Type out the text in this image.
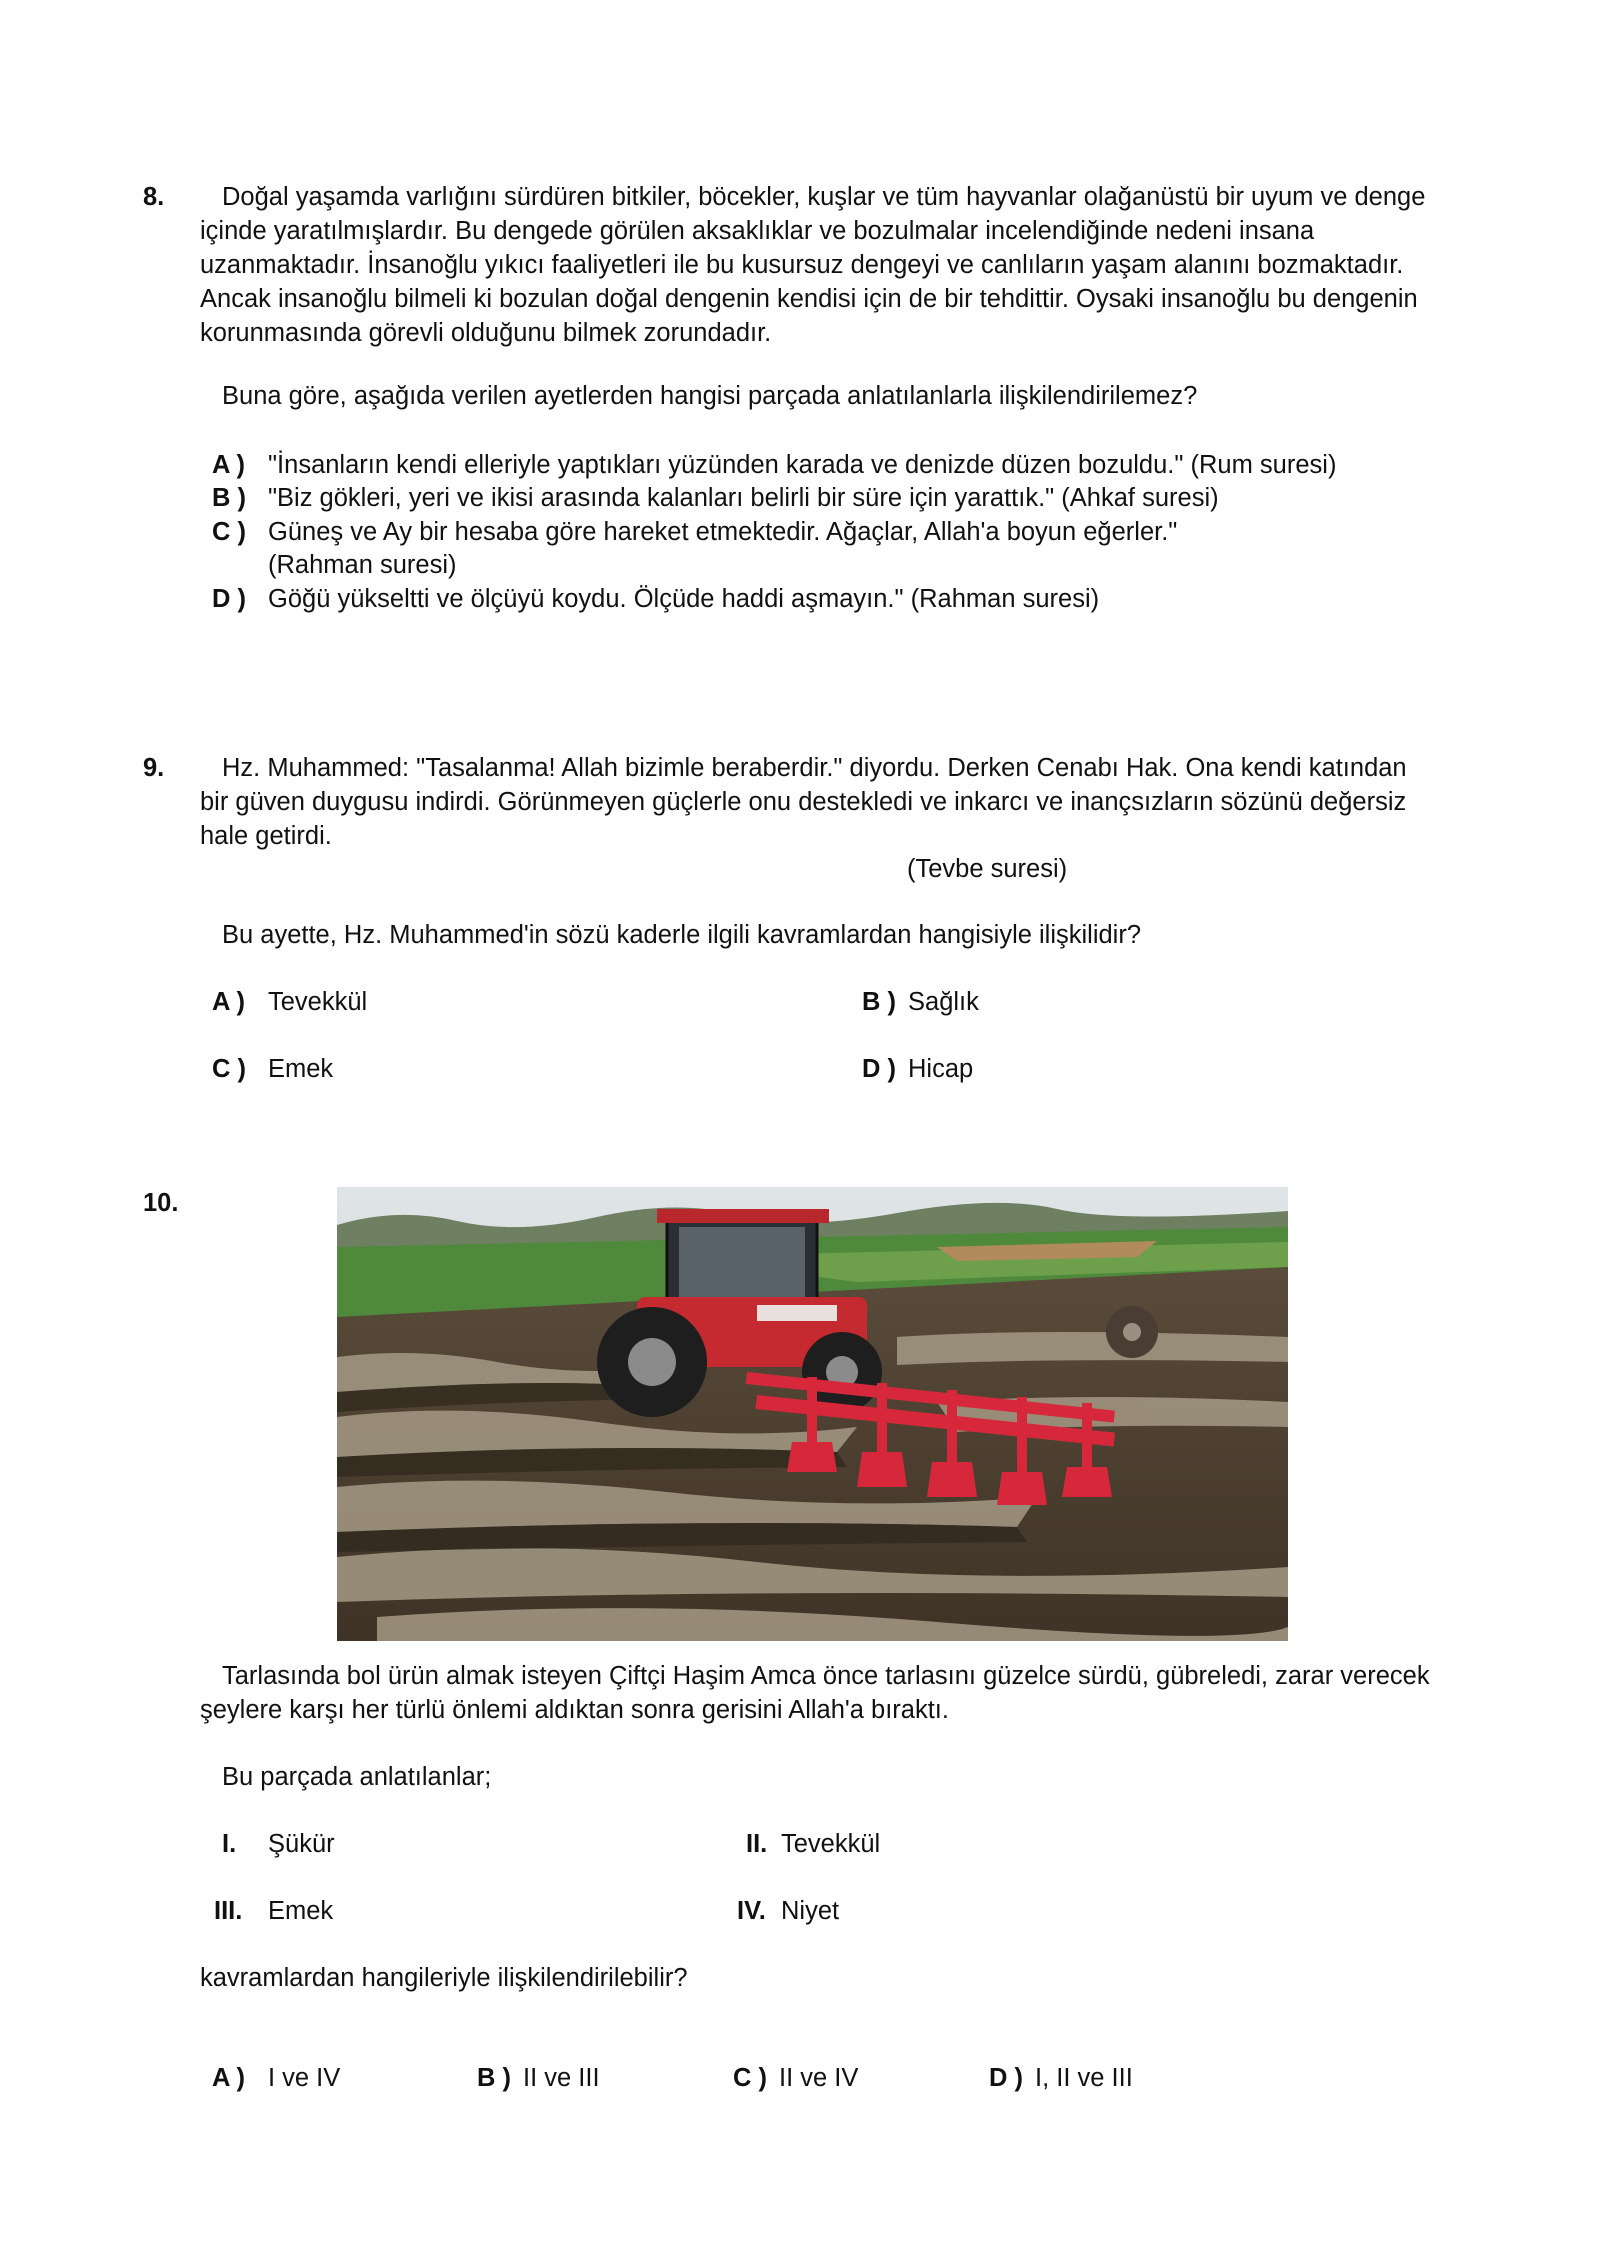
8.	Doğal yaşamda varlığını sürdüren bitkiler, böcekler, kuşlar ve tüm hayvanlar olağanüstü bir uyum ve denge içinde yaratılmışlardır. Bu dengede görülen aksaklıklar ve bozulmalar incelendiğinde nedeni insana uzanmaktadır. İnsanoğlu yıkıcı faaliyetleri ile bu kusursuz dengeyi ve canlıların yaşam alanını bozmaktadır. Ancak insanoğlu bilmeli ki bozulan doğal dengenin kendisi için de bir tehdittir. Oysaki insanoğlu bu dengenin korunmasında görevli olduğunu bilmek zorundadır.
Buna göre, aşağıda verilen ayetlerden hangisi parçada anlatılanlarla ilişkilendirilemez?
A ) "İnsanların kendi elleriyle yaptıkları yüzünden karada ve denizde düzen bozuldu." (Rum suresi)
B ) "Biz gökleri, yeri ve ikisi arasında kalanları belirli bir süre için yarattık." (Ahkaf suresi)
C ) Güneş ve Ay bir hesaba göre hareket etmektedir. Ağaçlar, Allah'a boyun eğerler."
(Rahman suresi)
D ) Göğü yükseltti ve ölçüyü koydu. Ölçüde haddi aşmayın." (Rahman suresi)
9.	Hz. Muhammed: "Tasalanma! Allah bizimle beraberdir." diyordu. Derken Cenabı Hak. Ona kendi katından bir güven duygusu indirdi. Görünmeyen güçlerle onu destekledi ve inkarcı ve inançsızların sözünü değersiz hale getirdi.
(Tevbe suresi)
Bu ayette, Hz. Muhammed'in sözü kaderle ilgili kavramlardan hangisiyle ilişkilidir?
A ) Tevekkül	B ) Sağlık
C ) Emek	D ) Hicap
10.
Tarlasında bol ürün almak isteyen Çiftçi Haşim Amca önce tarlasını güzelce sürdü, gübreledi, zarar verecek şeylere karşı her türlü önlemi aldıktan sonra gerisini Allah'a bıraktı.
Bu parçada anlatılanlar;
I. Şükür	II. Tevekkül
III. Emek	IV. Niyet
kavramlardan hangileriyle ilişkilendirilebilir?
A ) I ve IV	B ) II ve III	C ) II ve IV	D ) I, II ve III
